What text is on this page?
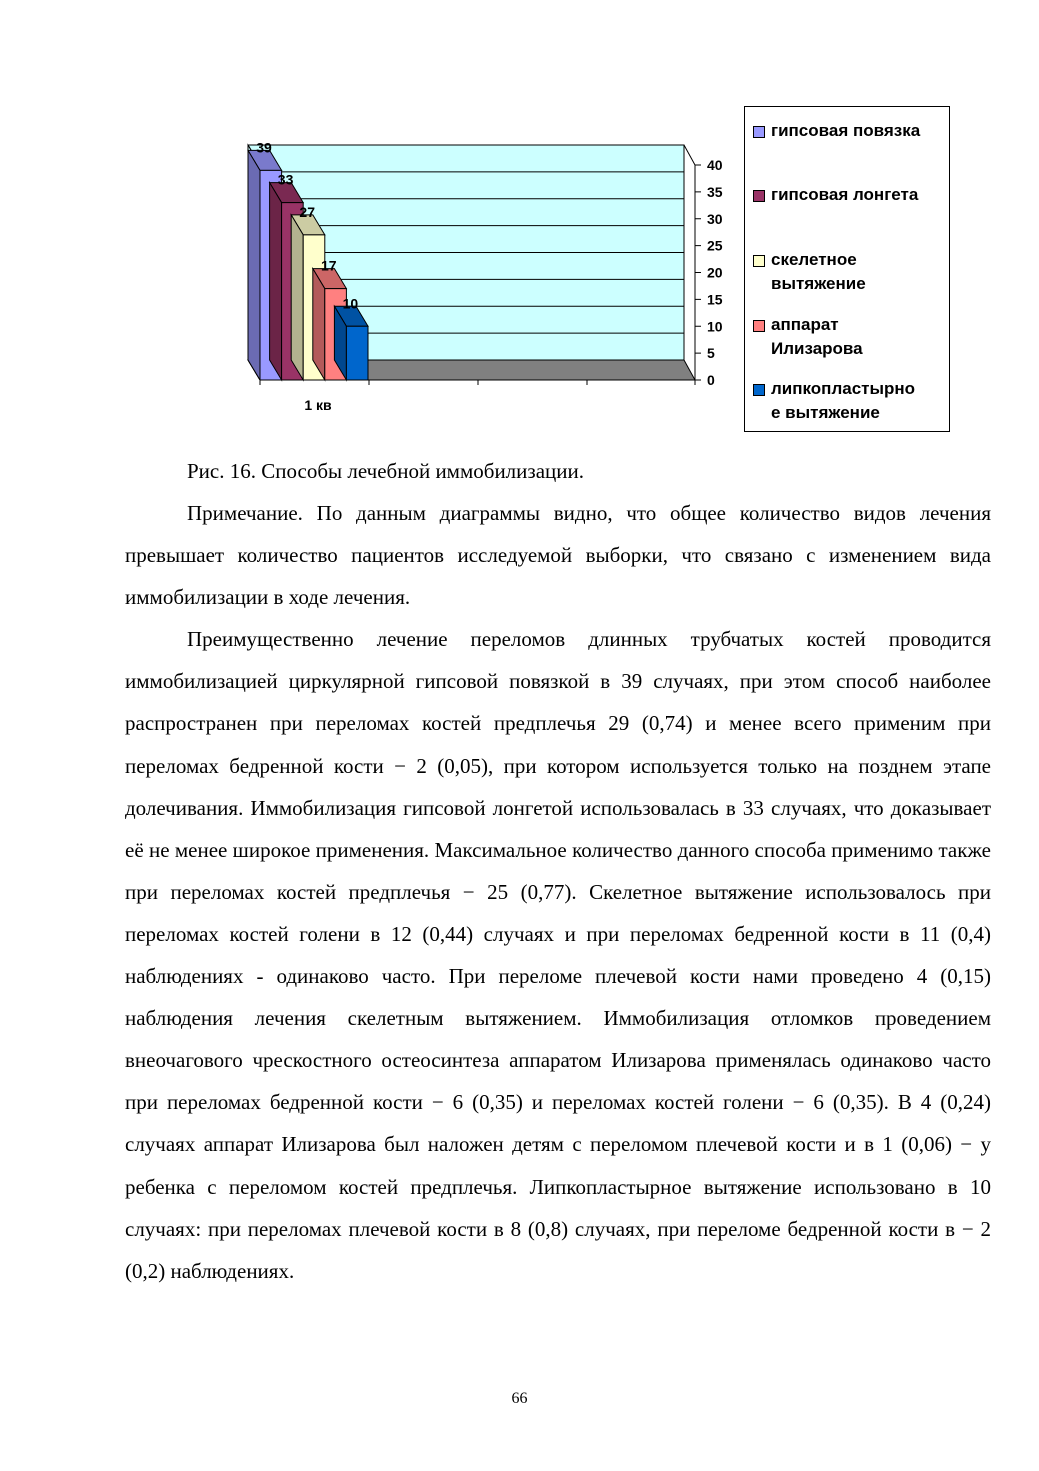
0
5
10
15
20
25
30
35
40
1 кв
39
33
27
17
10
гипсовая повязка
гипсовая лонгета
скелетное
вытяжение
аппарат
Илизарова
липкопластырно
е вытяжение

Рис. 16. Способы лечебной иммобилизации.

Примечание. По данным диаграммы видно, что общее количество видов лечения превышает количество пациентов исследуемой выборки, что связано с изменением вида иммобилизации в ходе лечения.

Преимущественно лечение переломов длинных трубчатых костей проводится иммобилизацией циркулярной гипсовой повязкой в 39 случаях, при этом способ наиболее распространен при переломах костей предплечья 29 (0,74) и менее всего применим при переломах бедренной кости − 2 (0,05), при котором используется только на позднем этапе долечивания. Иммобилизация гипсовой лонгетой использовалась в 33 случаях, что доказывает её не менее широкое применения. Максимальное количество данного способа применимо также при переломах костей предплечья − 25 (0,77). Скелетное вытяжение использовалось при переломах костей голени в 12 (0,44) случаях и при переломах бедренной кости в 11 (0,4) наблюдениях - одинаково часто. При переломе плечевой кости нами проведено 4 (0,15) наблюдения лечения скелетным вытяжением. Иммобилизация отломков проведением внеочагового чрескостного остеосинтеза аппаратом Илизарова применялась одинаково часто при переломах бедренной кости − 6 (0,35) и переломах костей голени − 6 (0,35). В 4 (0,24) случаях аппарат Илизарова был наложен детям с переломом плечевой кости и в 1 (0,06) − у ребенка с переломом костей предплечья. Липкопластырное вытяжение использовано в 10 случаях: при переломах плечевой кости в 8 (0,8) случаях, при переломе бедренной кости в − 2 (0,2) наблюдениях.

66
